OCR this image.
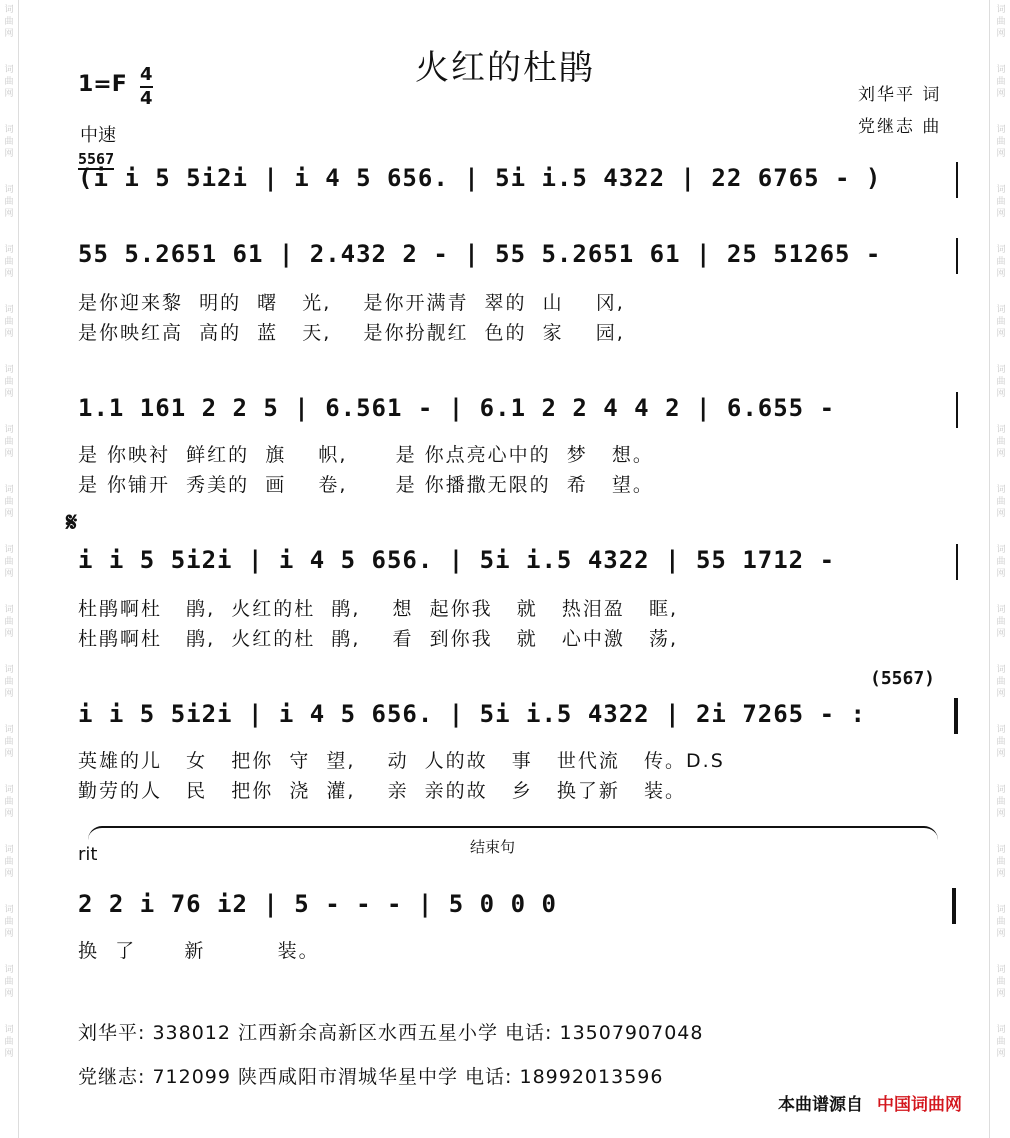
词
曲
网

词
曲
网

词
曲
网

词
曲
网

词
曲
网

词
曲
网

词
曲
网

词
曲
网

词
曲
网

词
曲
网

词
曲
网

词
曲
网

词
曲
网

词
曲
网

词
曲
网

词
曲
网

词
曲
网

词
曲
网

词
曲
网

词
曲
网

词
曲
网

词
曲
网

词
曲
网

词
曲
网

词
曲
网

词
曲
网

词
曲
网

词
曲
网

词
曲
网

词
曲
网

词
曲
网

词
曲
网

词
曲
网

词
曲
网

词
曲
网

词
曲
网

火红的杜鹃
1=F 4
4
中速
刘华平 词
党继志 曲
5567
(i i 5 5i2i | i 4 5 656. | 5i i.5 4322 | 22 6765 - )
55 5.2651 61 | 2.432 2 - | 55 5.2651 61 | 25 51265 -
是你迎来黎  明的  曙   光,    是你开满青  翠的  山    冈,
是你映红高  高的  蓝   天,    是你扮靓红  色的  家    园,
1.1 161 2 2 5 | 6.561 - | 6.1 2 2 4 4 2 | 6.655 -
是 你映衬  鲜红的  旗    帜,      是 你点亮心中的  梦   想。
是 你铺开  秀美的  画    卷,      是 你播撒无限的  希   望。
𝄋
i i 5 5i2i | i 4 5 656. | 5i i.5 4322 | 55 1712 -
杜鹃啊杜   鹃,  火红的杜  鹃,    想  起你我   就   热泪盈   眶,
杜鹃啊杜   鹃,  火红的杜  鹃,    看  到你我   就   心中激   荡,
(5567)
i i 5 5i2i | i 4 5 656. | 5i i.5 4322 | 2i 7265 - :
英雄的儿   女   把你  守  望,    动  人的故   事   世代流   传。D.S
勤劳的人   民   把你  浇  灌,    亲  亲的故   乡   换了新   装。
rit	结束句
2 2 i 76 i2 | 5 - - - | 5 0 0 0
换  了      新         装。
刘华平: 338012 江西新余高新区水西五星小学 电话: 13507907048
党继志: 712099 陕西咸阳市渭城华星中学 电话: 18992013596
本曲谱源自 中国词曲网
